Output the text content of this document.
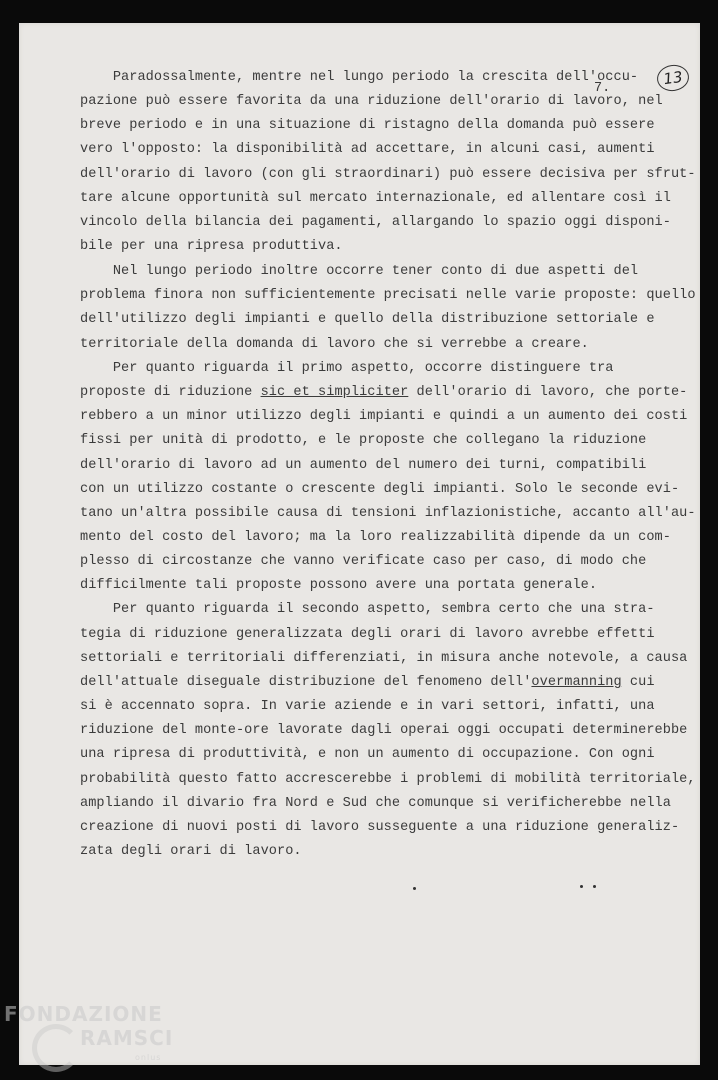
7.
13
Paradossalmente, mentre nel lungo periodo la crescita dell'occu-
pazione può essere favorita da una riduzione dell'orario di lavoro, nel
breve periodo e in una situazione di ristagno della domanda può essere
vero l'opposto: la disponibilità ad accettare, in alcuni casi, aumenti
dell'orario di lavoro (con gli straordinari) può essere decisiva per sfrut-
tare alcune opportunità sul mercato internazionale, ed allentare così il
vincolo della bilancia dei pagamenti, allargando lo spazio oggi disponi-
bile per una ripresa produttiva.
Nel lungo periodo inoltre occorre tener conto di due aspetti del
problema finora non sufficientemente precisati nelle varie proposte: quello
dell'utilizzo degli impianti e quello della distribuzione settoriale e
territoriale della domanda di lavoro che si verrebbe a creare.
Per quanto riguarda il primo aspetto, occorre distinguere tra
proposte di riduzione sic et simpliciter dell'orario di lavoro, che porte-
rebbero a un minor utilizzo degli impianti e quindi a un aumento dei costi
fissi per unità di prodotto, e le proposte che collegano la riduzione
dell'orario di lavoro ad un aumento del numero dei turni, compatibili
con un utilizzo costante o crescente degli impianti. Solo le seconde evi-
tano un'altra possibile causa di tensioni inflazionistiche, accanto all'au-
mento del costo del lavoro; ma la loro realizzabilità dipende da un com-
plesso di circostanze che vanno verificate caso per caso, di modo che
difficilmente tali proposte possono avere una portata generale.
Per quanto riguarda il secondo aspetto, sembra certo che una stra-
tegia di riduzione generalizzata degli orari di lavoro avrebbe effetti
settoriali e territoriali differenziati, in misura anche notevole, a causa
dell'attuale diseguale distribuzione del fenomeno dell'overmanning cui
si è accennato sopra. In varie aziende e in vari settori, infatti, una
riduzione del monte-ore lavorate dagli operai oggi occupati determinerebbe
una ripresa di produttività, e non un aumento di occupazione. Con ogni
probabilità questo fatto accrescerebbe i problemi di mobilità territoriale,
ampliando il divario fra Nord e Sud che comunque si verificherebbe nella
creazione di nuovi posti di lavoro susseguente a una riduzione generaliz-
zata degli orari di lavoro.
FONDAZIONE
RAMSCI
onlus
